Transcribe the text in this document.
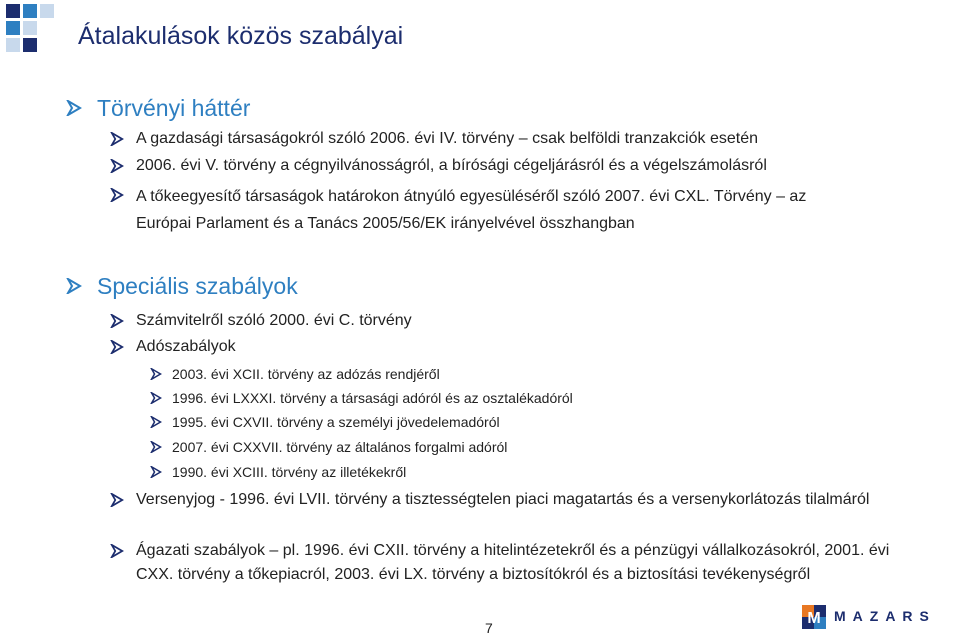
Átalakulások közös szabályai
Törvényi háttér
A gazdasági társaságokról szóló 2006. évi IV. törvény – csak belföldi tranzakciók esetén
2006. évi V. törvény a cégnyilvánosságról, a bírósági cégeljárásról és a végelszámolásról
A tőkeegyesítő társaságok határokon átnyúló egyesüléséről szóló 2007. évi CXL. Törvény – az Európai Parlament és a Tanács 2005/56/EK irányelvével összhangban
Speciális szabályok
Számvitelről szóló 2000. évi C. törvény
Adószabályok
2003. évi XCII. törvény az adózás rendjéről
1996. évi LXXXI. törvény a társasági adóról és az osztalékadóról
1995. évi CXVII. törvény a személyi jövedelemadóról
2007. évi CXXVII. törvény az általános forgalmi adóról
1990. évi XCIII. törvény az illetékekről
Versenyjog - 1996. évi LVII. törvény a tisztességtelen piaci magatartás és a versenykorlátozás tilalmáról
Ágazati szabályok – pl. 1996. évi CXII. törvény a hitelintézetekről és a pénzügyi vállalkozásokról, 2001. évi CXX. törvény a tőkepiacról, 2003. évi LX. törvény a biztosítókról és a biztosítási tevékenységről
7
M MAZARS
